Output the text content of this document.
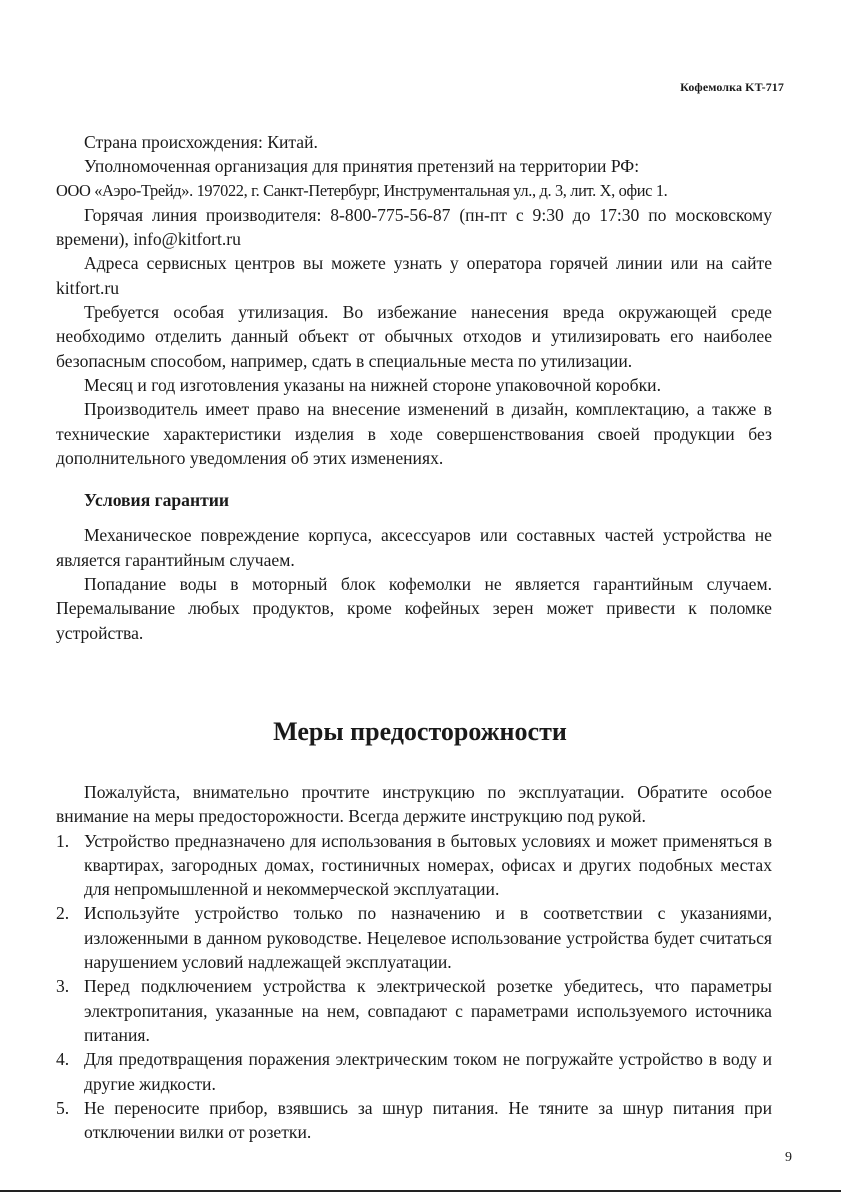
Кофемолка KT-717

Страна происхождения: Китай.

Уполномоченная организация для принятия претензий на территории РФ:

ООО «Аэро-Трейд». 197022, г. Санкт-Петербург, Инструментальная ул., д. 3, лит. Х, офис 1.

Горячая линия производителя: 8-800-775-56-87 (пн-пт с 9:30 до 17:30 по московскому времени), info@kitfort.ru

Адреса сервисных центров вы можете узнать у оператора горячей линии или на сайте kitfort.ru

Требуется особая утилизация. Во избежание нанесения вреда окружающей среде необходимо отделить данный объект от обычных отходов и утилизировать его наиболее безопасным способом, например, сдать в специальные места по утилизации.

Месяц и год изготовления указаны на нижней стороне упаковочной коробки.

Производитель имеет право на внесение изменений в дизайн, комплектацию, а также в технические характеристики изделия в ходе совершенствования своей продукции без дополнительного уведомления об этих изменениях.

Условия гарантии

Механическое повреждение корпуса, аксессуаров или составных частей устройства не является гарантийным случаем.

Попадание воды в моторный блок кофемолки не является гарантийным случаем. Перемалывание любых продуктов, кроме кофейных зерен может привести к поломке устройства.

Меры предосторожности

Пожалуйста, внимательно прочтите инструкцию по эксплуатации. Обратите особое внимание на меры предосторожности. Всегда держите инструкцию под рукой.

1. Устройство предназначено для использования в бытовых условиях и может применяться в квартирах, загородных домах, гостиничных номерах, офисах и других подобных местах для непромышленной и некоммерческой эксплуатации.
2. Используйте устройство только по назначению и в соответствии с указаниями, изложенными в данном руководстве. Нецелевое использование устройства будет считаться нарушением условий надлежащей эксплуатации.
3. Перед подключением устройства к электрической розетке убедитесь, что параметры электропитания, указанные на нем, совпадают с параметрами используемого источника питания.
4. Для предотвращения поражения электрическим током не погружайте устройство в воду и другие жидкости.
5. Не переносите прибор, взявшись за шнур питания. Не тяните за шнур питания при отключении вилки от розетки.
9
